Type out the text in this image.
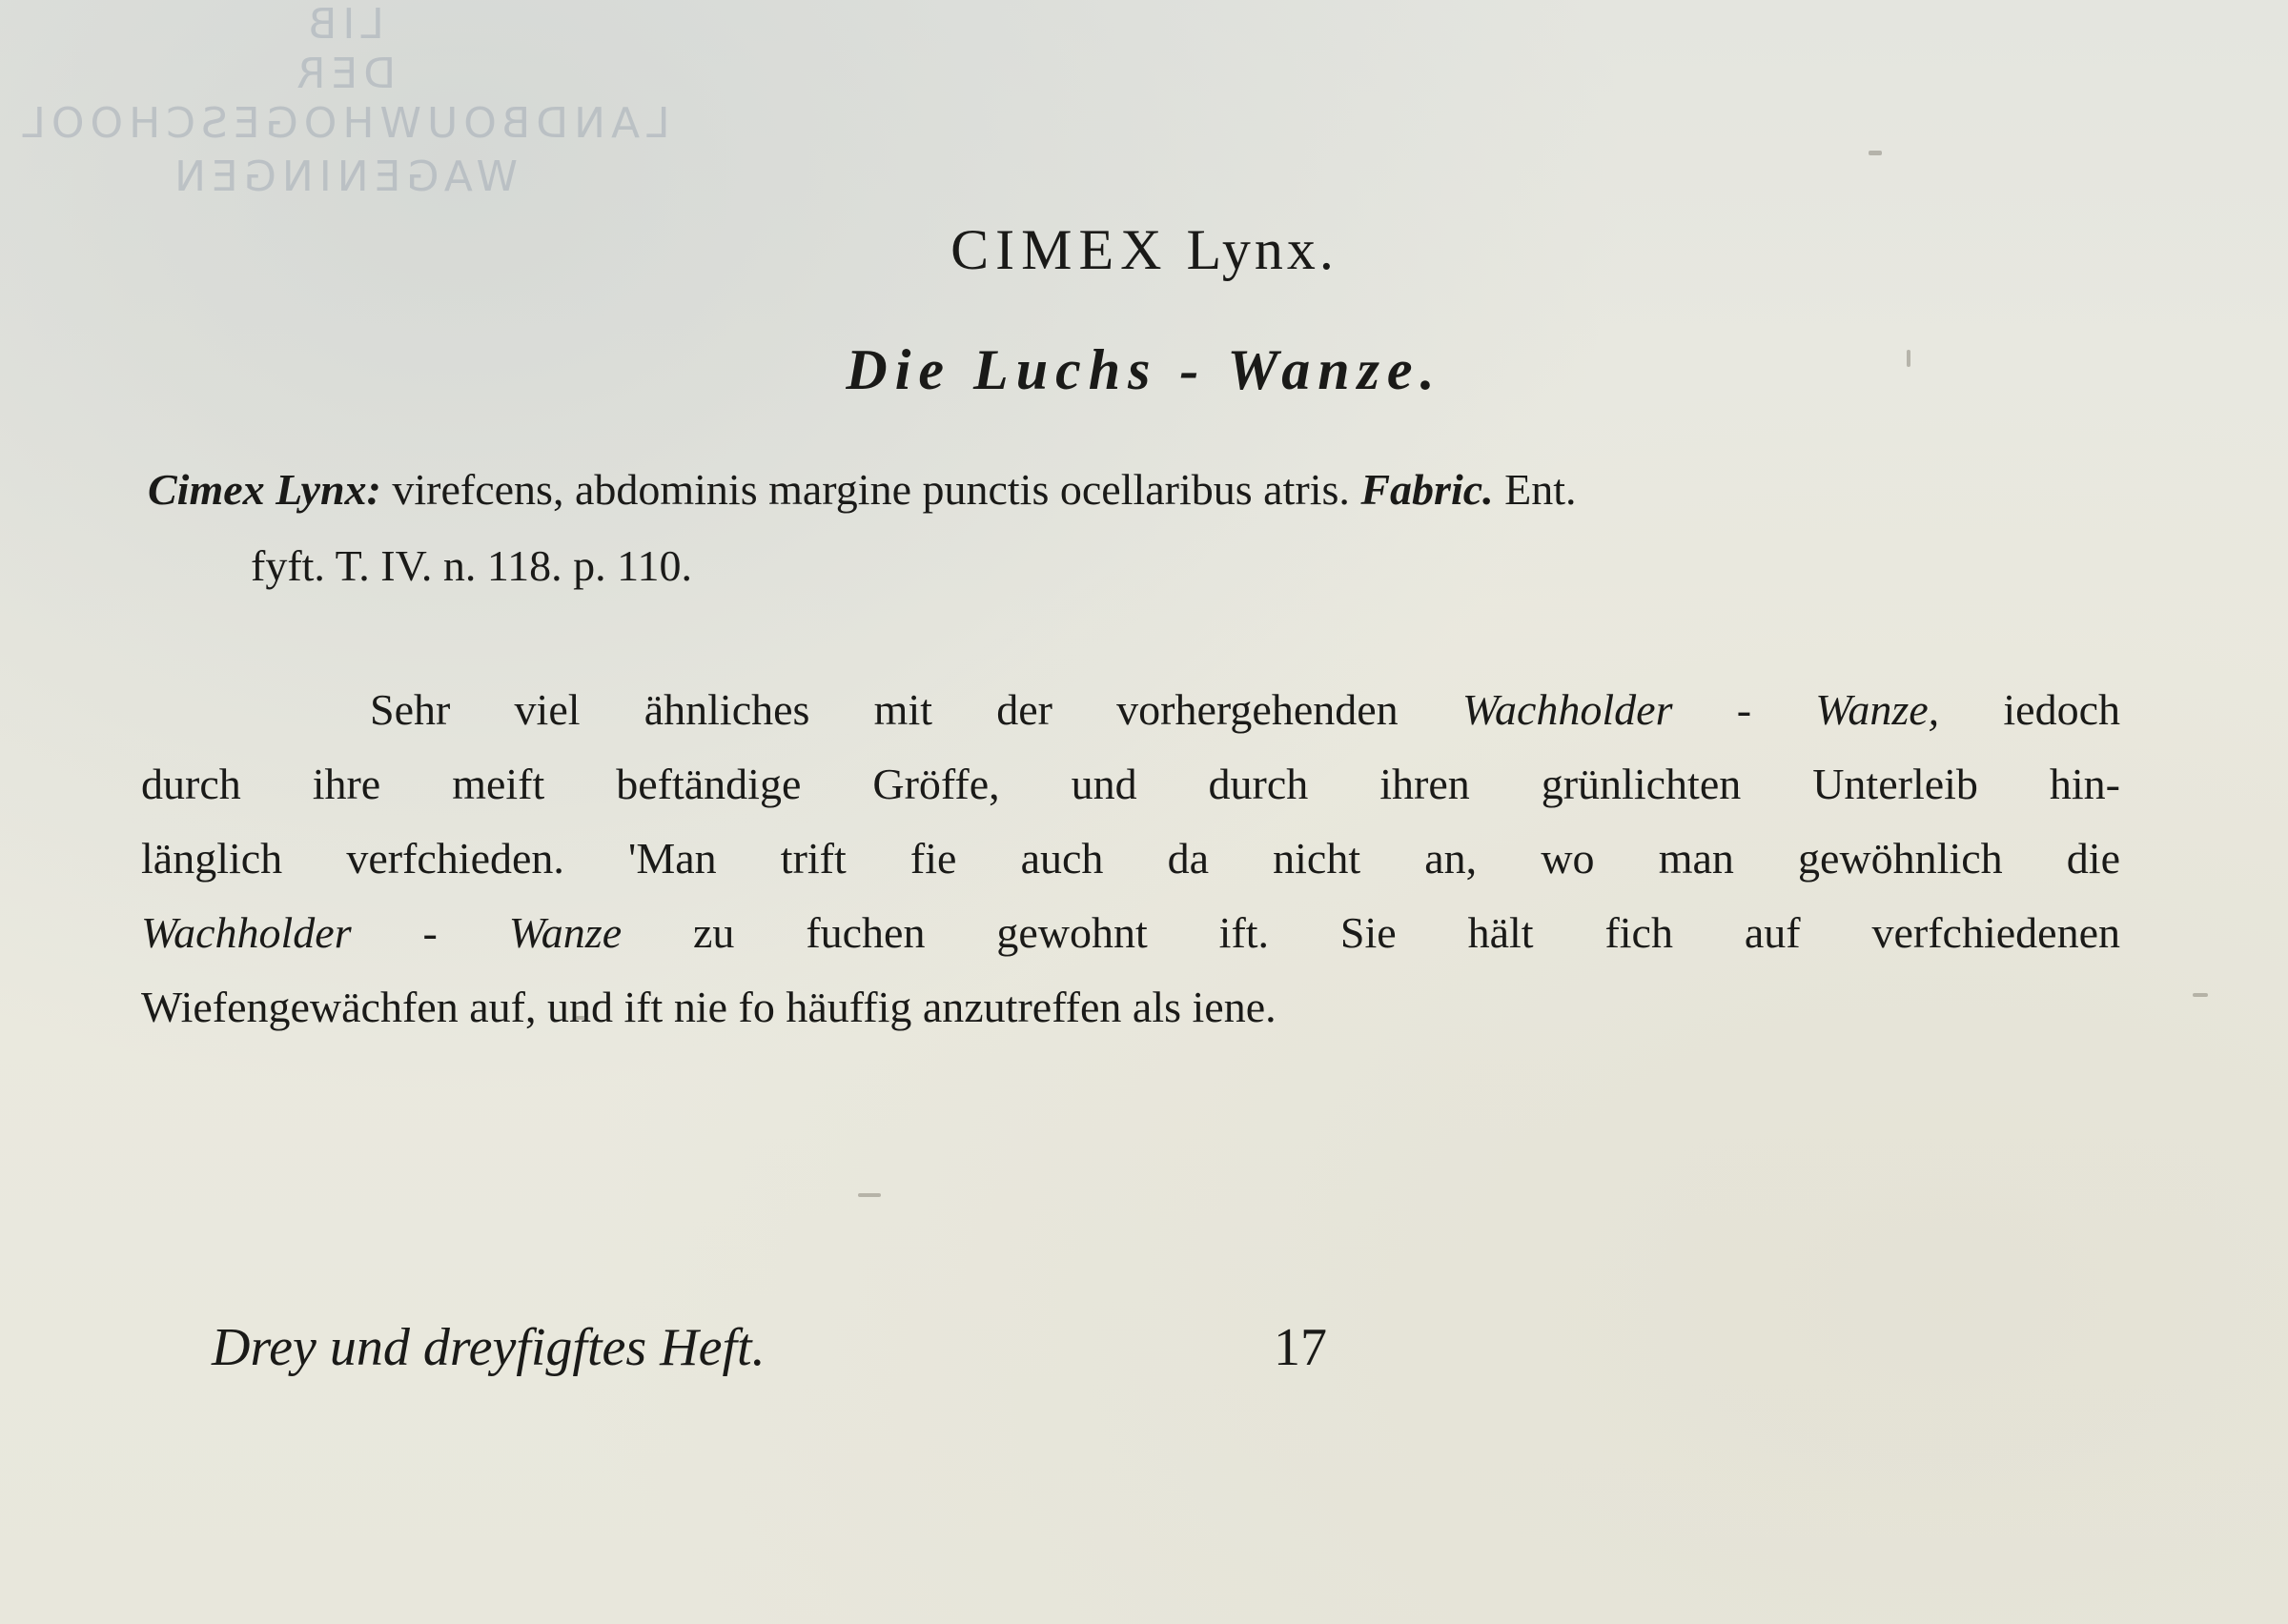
LIB
DER
LANDBOUWHOGESCHOOL
WAGENINGEN
CIMEX Lynx.
Die Luchs - Wanze.
Cimex Lynx: virefcens, abdominis margine punctis ocellaribus atris. Fabric. Ent.
fyft. T. IV. n. 118. p. 110.
Sehr viel ähnliches mit der vorhergehenden Wachholder - Wanze, iedoch
durch ihre meift beftändige Gröffe, und durch ihren grünlichten Unterleib hin-
länglich verfchieden. 'Man trift fie auch da nicht an, wo man gewöhnlich die
Wachholder - Wanze zu fuchen gewohnt ift. Sie hält fich auf verfchiedenen
Wiefengewächfen auf, und ift nie fo häuffig anzutreffen als iene.
Drey und dreyfigftes Heft.	17
